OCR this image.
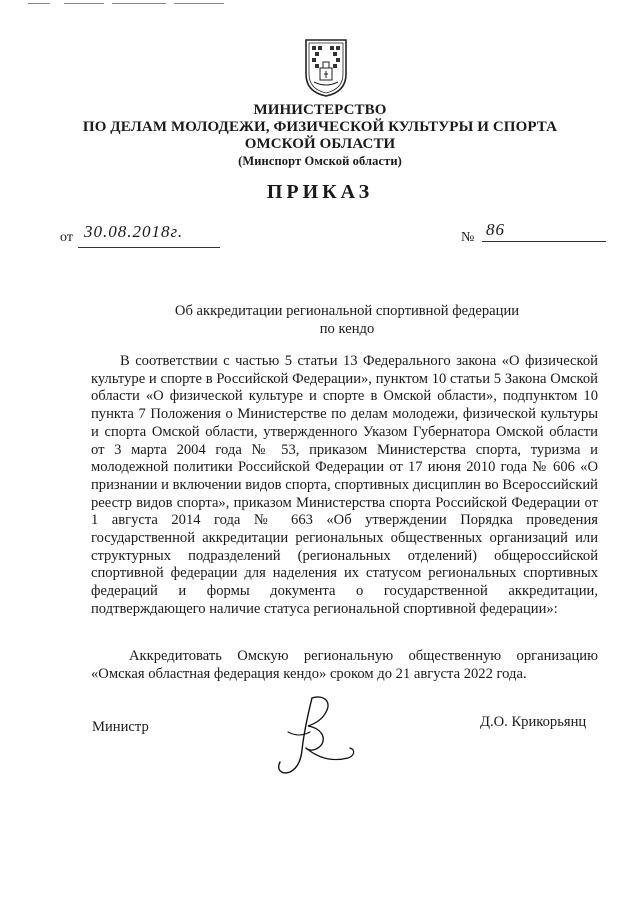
МИНИСТЕРСТВО
ПО ДЕЛАМ МОЛОДЕЖИ, ФИЗИЧЕСКОЙ КУЛЬТУРЫ И СПОРТА
ОМСКОЙ ОБЛАСТИ
(Минспорт Омской области)
ПРИКАЗ
от 30.08.2018г.	№ 86
Об аккредитации региональной спортивной федерации
по кендо
В соответствии с частью 5 статьи 13 Федерального закона «О физической культуре и спорте в Российской Федерации», пунктом 10 статьи 5 Закона Омской области «О физической культуре и спорте в Омской области», подпунктом 10 пункта 7 Положения о Министерстве по делам молодежи, физической культуры и спорта Омской области, утвержденного Указом Губернатора Омской области от 3 марта 2004 года № 53, приказом Министерства спорта, туризма и молодежной политики Российской Федерации от 17 июня 2010 года № 606 «О признании и включении видов спорта, спортивных дисциплин во Всероссийский реестр видов спорта», приказом Министерства спорта Российской Федерации от 1 августа 2014 года № 663 «Об утверждении Порядка проведения государственной аккредитации региональных общественных организаций или структурных подразделений (региональных отделений) общероссийской спортивной федерации для наделения их статусом региональных спортивных федераций и формы документа о государственной аккредитации, подтверждающего наличие статуса региональной спортивной федерации»:
Аккредитовать Омскую региональную общественную организацию «Омская областная федерация кендо» сроком до 21 августа 2022 года.
Министр	Д.О. Крикорьянц
